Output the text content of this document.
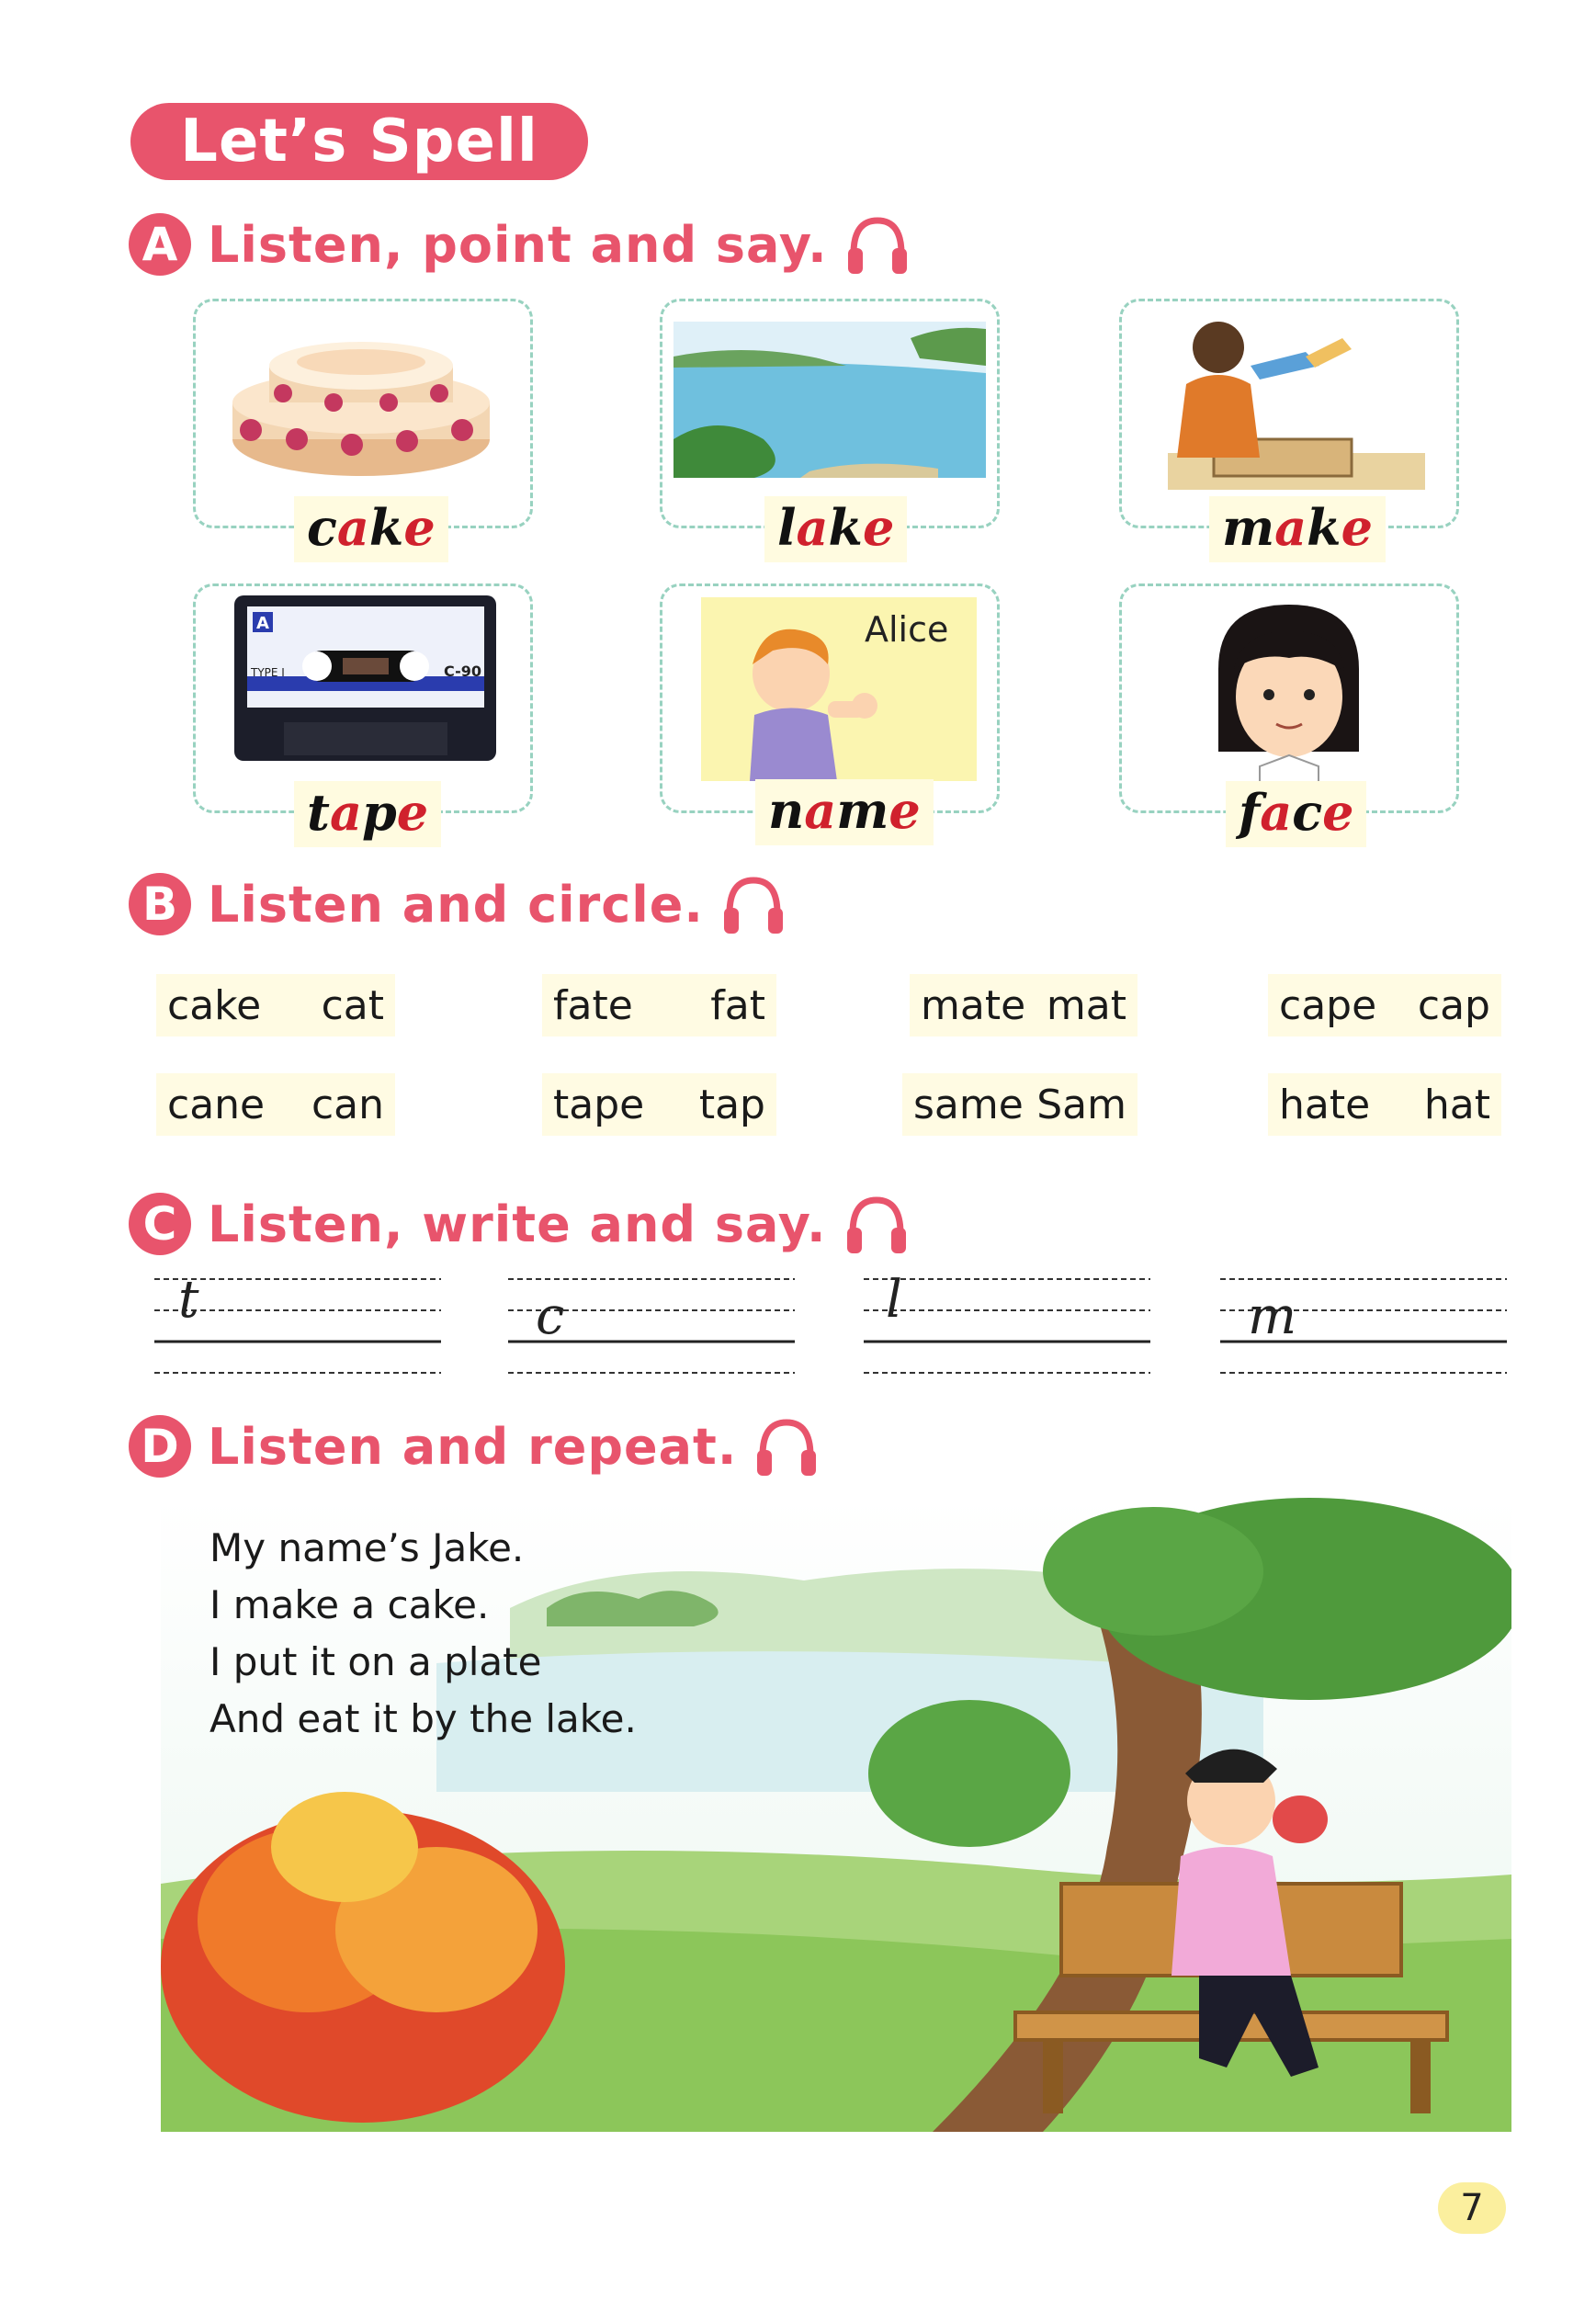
Let’s Spell
A Listen, point and say.
cake	lake	make
A
TYPE I	C-90
tape
Alice
name	face
B Listen and circle.
cake cat	fate fat	mate mat	cape cap
cane can	tape tap	same Sam	hate hat
C Listen, write and say.
t	c	l	m
D Listen and repeat.
My name’s Jake.
I make a cake.
I put it on a plate
And eat it by the lake.
7
